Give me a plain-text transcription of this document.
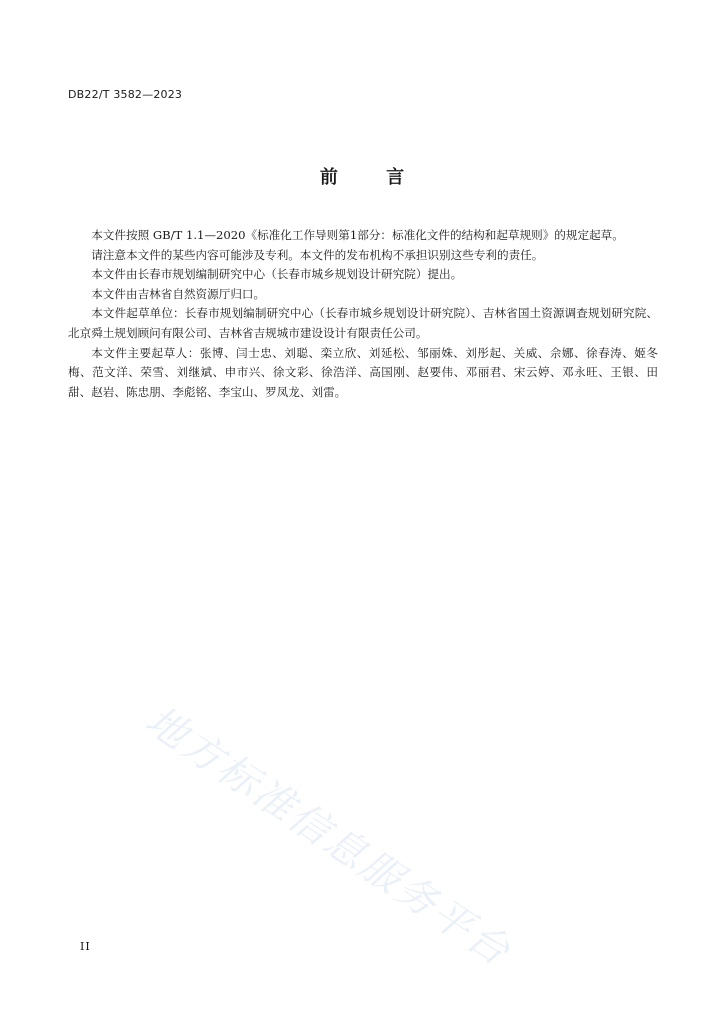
DB22/T 3582—2023
前 言

本文件按照 GB/T 1.1—2020《标准化工作导则第1部分：标准化文件的结构和起草规则》的规定起草。

请注意本文件的某些内容可能涉及专利。本文件的发布机构不承担识别这些专利的责任。

本文件由长春市规划编制研究中心（长春市城乡规划设计研究院）提出。

本文件由吉林省自然资源厅归口。

本文件起草单位：长春市规划编制研究中心（长春市城乡规划设计研究院）、吉林省国土资源调查规划研究院、北京舜土规划顾问有限公司、吉林省吉规城市建设设计有限责任公司。

本文件主要起草人：张博、闫士忠、刘聪、栾立欣、刘延松、邹丽姝、刘彤起、关威、佘娜、徐春涛、姬冬梅、范文洋、荣雪、刘继斌、申市兴、徐文彩、徐浩洋、高国刚、赵要伟、邓丽君、宋云婷、邓永旺、王银、田甜、赵岩、陈忠朋、李彪铭、李宝山、罗凤龙、刘雷。

地方标准信息服务平台
II
